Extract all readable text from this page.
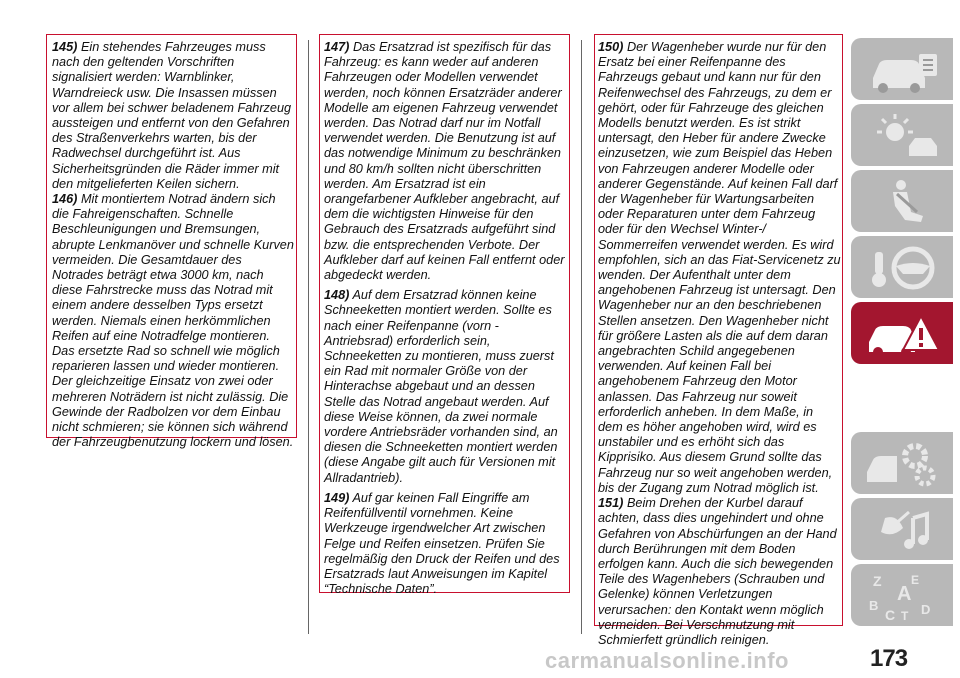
145) Ein stehendes Fahrzeuges muss nach den geltenden Vorschriften signalisiert werden: Warnblinker, Warndreieck usw. Die Insassen müssen vor allem bei schwer beladenem Fahrzeug aussteigen und entfernt von den Gefahren des Straßenverkehrs warten, bis der Radwechsel durchgeführt ist. Aus Sicherheitsgründen die Räder immer mit den mitgelieferten Keilen sichern.

146) Mit montiertem Notrad ändern sich die Fahreigenschaften. Schnelle Beschleunigungen und Bremsungen, abrupte Lenkmanöver und schnelle Kurven vermeiden. Die Gesamtdauer des Notrades beträgt etwa 3000 km, nach diese Fahrstrecke muss das Notrad mit einem andere desselben Typs ersetzt werden. Niemals einen herkömmlichen Reifen auf eine Notradfelge montieren. Das ersetzte Rad so schnell wie möglich reparieren lassen und wieder montieren. Der gleichzeitige Einsatz von zwei oder mehreren Noträdern ist nicht zulässig. Die Gewinde der Radbolzen vor dem Einbau nicht schmieren; sie können sich während der Fahrzeugbenutzung lockern und lösen.

147) Das Ersatzrad ist spezifisch für das Fahrzeug: es kann weder auf anderen Fahrzeugen oder Modellen verwendet werden, noch können Ersatzräder anderer Modelle am eigenen Fahrzeug verwendet werden. Das Notrad darf nur im Notfall verwendet werden. Die Benutzung ist auf das notwendige Minimum zu beschränken und 80 km/h sollten nicht überschritten werden. Am Ersatzrad ist ein orangefarbener Aufkleber angebracht, auf dem die wichtigsten Hinweise für den Gebrauch des Ersatzrads aufgeführt sind bzw. die entsprechenden Verbote. Der Aufkleber darf auf keinen Fall entfernt oder abgedeckt werden.

148) Auf dem Ersatzrad können keine Schneeketten montiert werden. Sollte es nach einer Reifenpanne (vorn - Antriebsrad) erforderlich sein, Schneeketten zu montieren, muss zuerst ein Rad mit normaler Größe von der Hinterachse abgebaut und an dessen Stelle das Notrad angebaut werden. Auf diese Weise können, da zwei normale vordere Antriebsräder vorhanden sind, an diesen die Schneeketten montiert werden (diese Angabe gilt auch für Versionen mit Allradantrieb).

149) Auf gar keinen Fall Eingriffe am Reifenfüllventil vornehmen. Keine Werkzeuge irgendwelcher Art zwischen Felge und Reifen einsetzen. Prüfen Sie regelmäßig den Druck der Reifen und des Ersatzrads laut Anweisungen im Kapitel “Technische Daten”.

150) Der Wagenheber wurde nur für den Ersatz bei einer Reifenpanne des Fahrzeugs gebaut und kann nur für den Reifenwechsel des Fahrzeugs, zu dem er gehört, oder für Fahrzeuge des gleichen Modells benutzt werden. Es ist strikt untersagt, den Heber für andere Zwecke einzusetzen, wie zum Beispiel das Heben von Fahrzeugen anderer Modelle oder anderer Gegenstände. Auf keinen Fall darf der Wagenheber für Wartungsarbeiten oder Reparaturen unter dem Fahrzeug oder für den Wechsel Winter-/ Sommerreifen verwendet werden. Es wird empfohlen, sich an das Fiat-Servicenetz zu wenden. Der Aufenthalt unter dem angehobenen Fahrzeug ist untersagt. Den Wagenheber nur an den beschriebenen Stellen ansetzen. Den Wagenheber nicht für größere Lasten als die auf dem daran angebrachten Schild angegebenen verwenden. Auf keinen Fall bei angehobenem Fahrzeug den Motor anlassen. Das Fahrzeug nur soweit erforderlich anheben. In dem Maße, in dem es höher angehoben wird, wird es unstabiler und es erhöht sich das Kipprisiko. Aus diesem Grund sollte das Fahrzeug nur so weit angehoben werden, bis der Zugang zum Notrad möglich ist.

151) Beim Drehen der Kurbel darauf achten, dass dies ungehindert und ohne Gefahren von Abschürfungen an der Hand durch Berührungen mit dem Boden erfolgen kann. Auch die sich bewegenden Teile des Wagenhebers (Schrauben und Gelenke) können Verletzungen verursachen: den Kontakt wenn möglich vermeiden. Bei Verschmutzung mit Schmierfett gründlich reinigen.

Z E
A
B	D
C T
carmanualsonline.info	173
